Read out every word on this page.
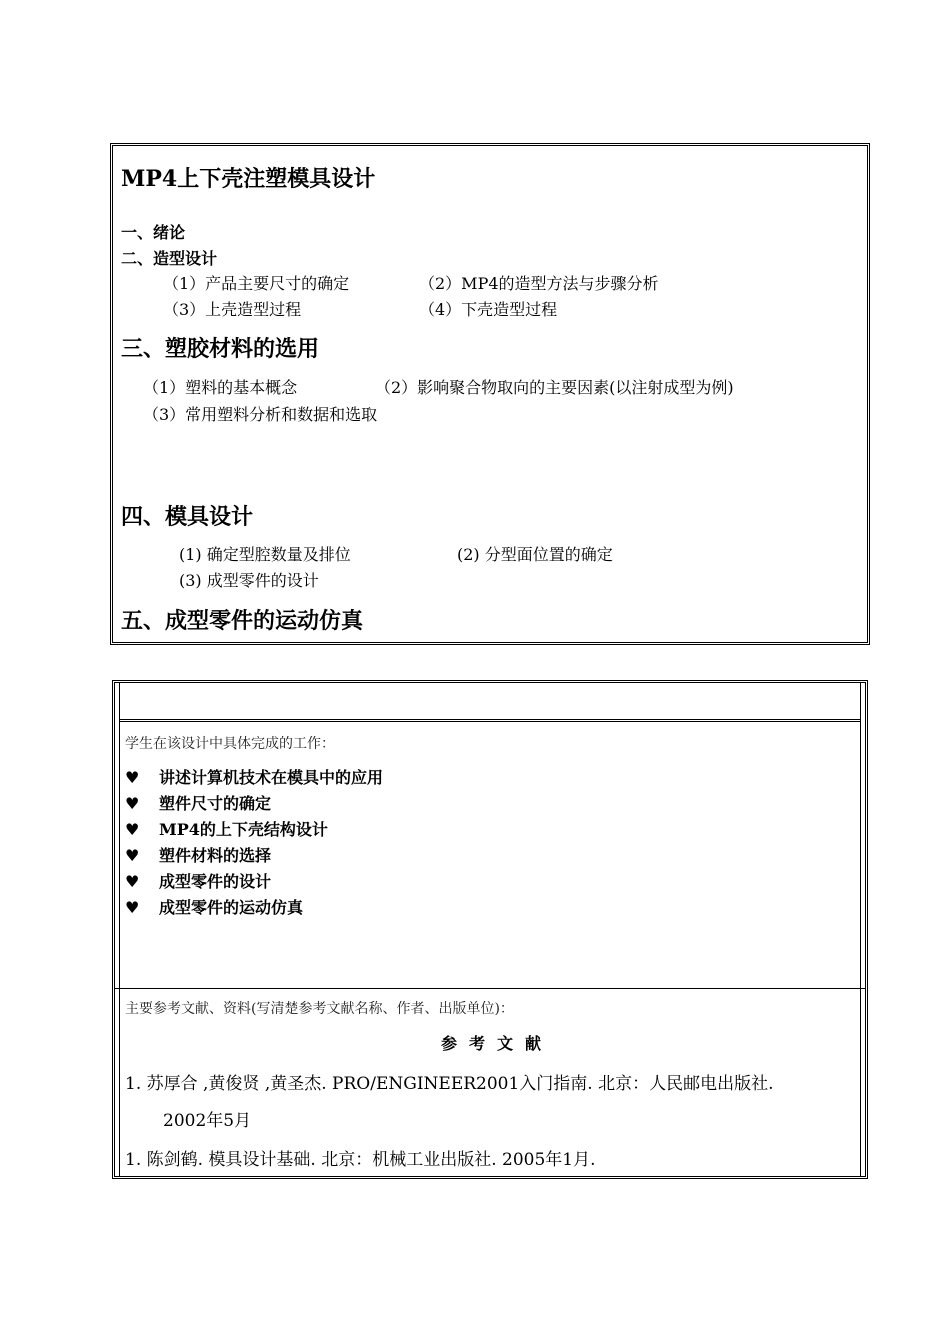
MP4上下壳注塑模具设计
一、绪论
二、造型设计
（1）产品主要尺寸的确定	（2）MP4的造型方法与步骤分析
（3）上壳造型过程	（4）下壳造型过程
三、塑胶材料的选用
（1）塑料的基本概念	（2）影响聚合物取向的主要因素(以注射成型为例)
（3）常用塑料分析和数据和选取
四、模具设计
(1) 确定型腔数量及排位	(2) 分型面位置的确定
(3) 成型零件的设计
五、成型零件的运动仿真
学生在该设计中具体完成的工作：
♥ 讲述计算机技术在模具中的应用
♥ 塑件尺寸的确定
♥ MP4的上下壳结构设计
♥ 塑件材料的选择
♥ 成型零件的设计
♥ 成型零件的运动仿真
主要参考文献、资料(写清楚参考文献名称、作者、出版单位)：
参考文献
1. 苏厚合 ,黄俊贤 ,黄圣杰. PRO/ENGINEER2001入门指南. 北京：人民邮电出版社.
2002年5月
1. 陈剑鹤. 模具设计基础. 北京：机械工业出版社. 2005年1月.
